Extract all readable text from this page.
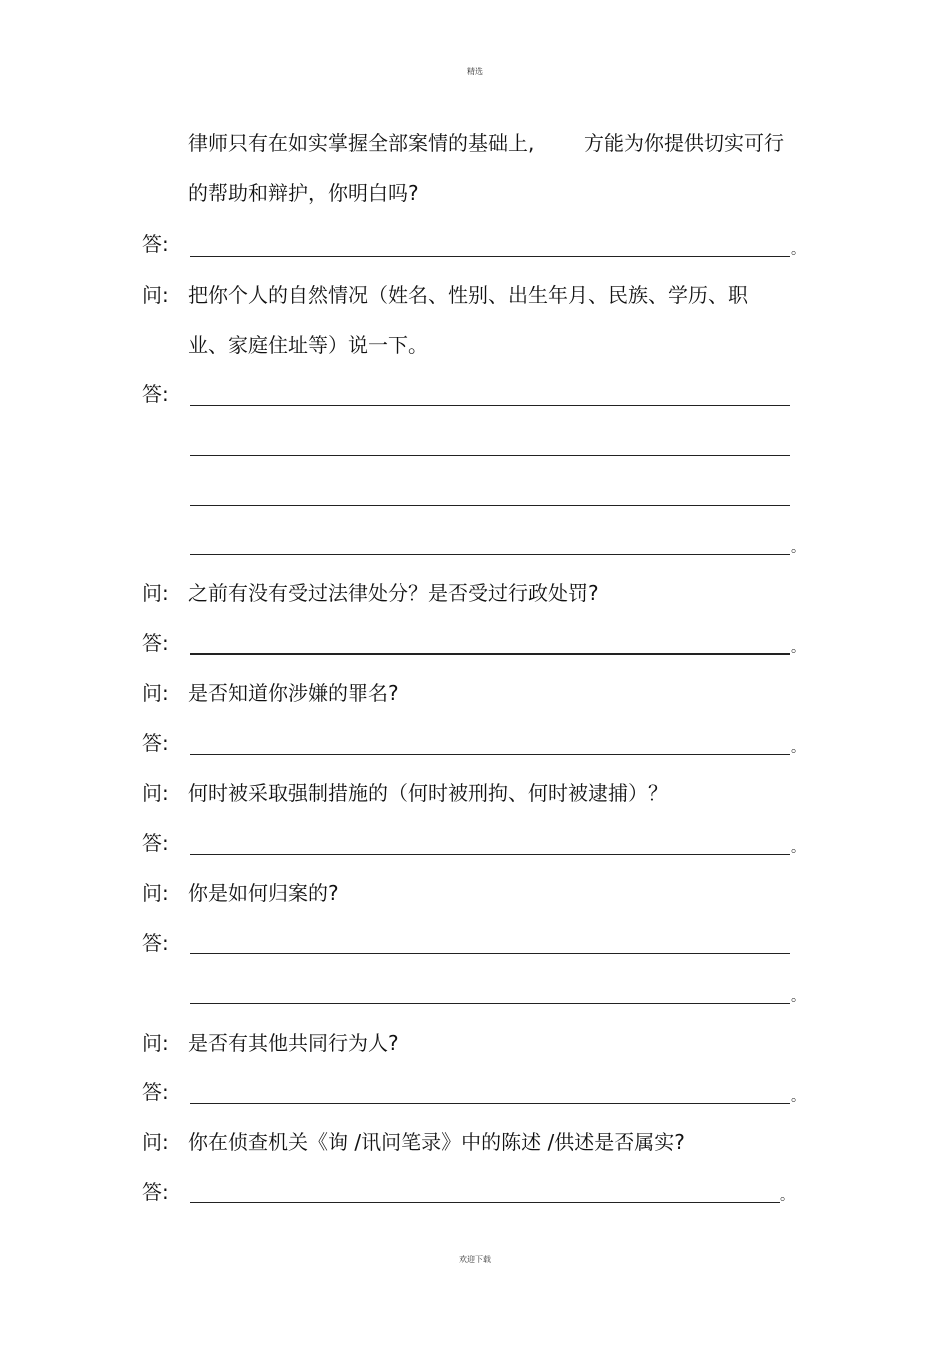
精选
律师只有在如实掌握全部案情的基础上, 方能为你提供切实可行
的帮助和辩护，你明白吗?
答:	。
问: 把你个人的自然情况（姓名、性别、出生年月、民族、学历、职
业、家庭住址等）说一下。
答:
。
问: 之前有没有受过法律处分？是否受过行政处罚?
答:	。
问: 是否知道你涉嫌的罪名?
答:	。
问: 何时被采取强制措施的（何时被刑拘、何时被逮捕）？
答:	。
问: 你是如何归案的?
答:
。
问: 是否有其他共同行为人?
答:	。
问: 你在侦查机关《询 /讯问笔录》中的陈述 /供述是否属实?
答:	。
欢迎下载
